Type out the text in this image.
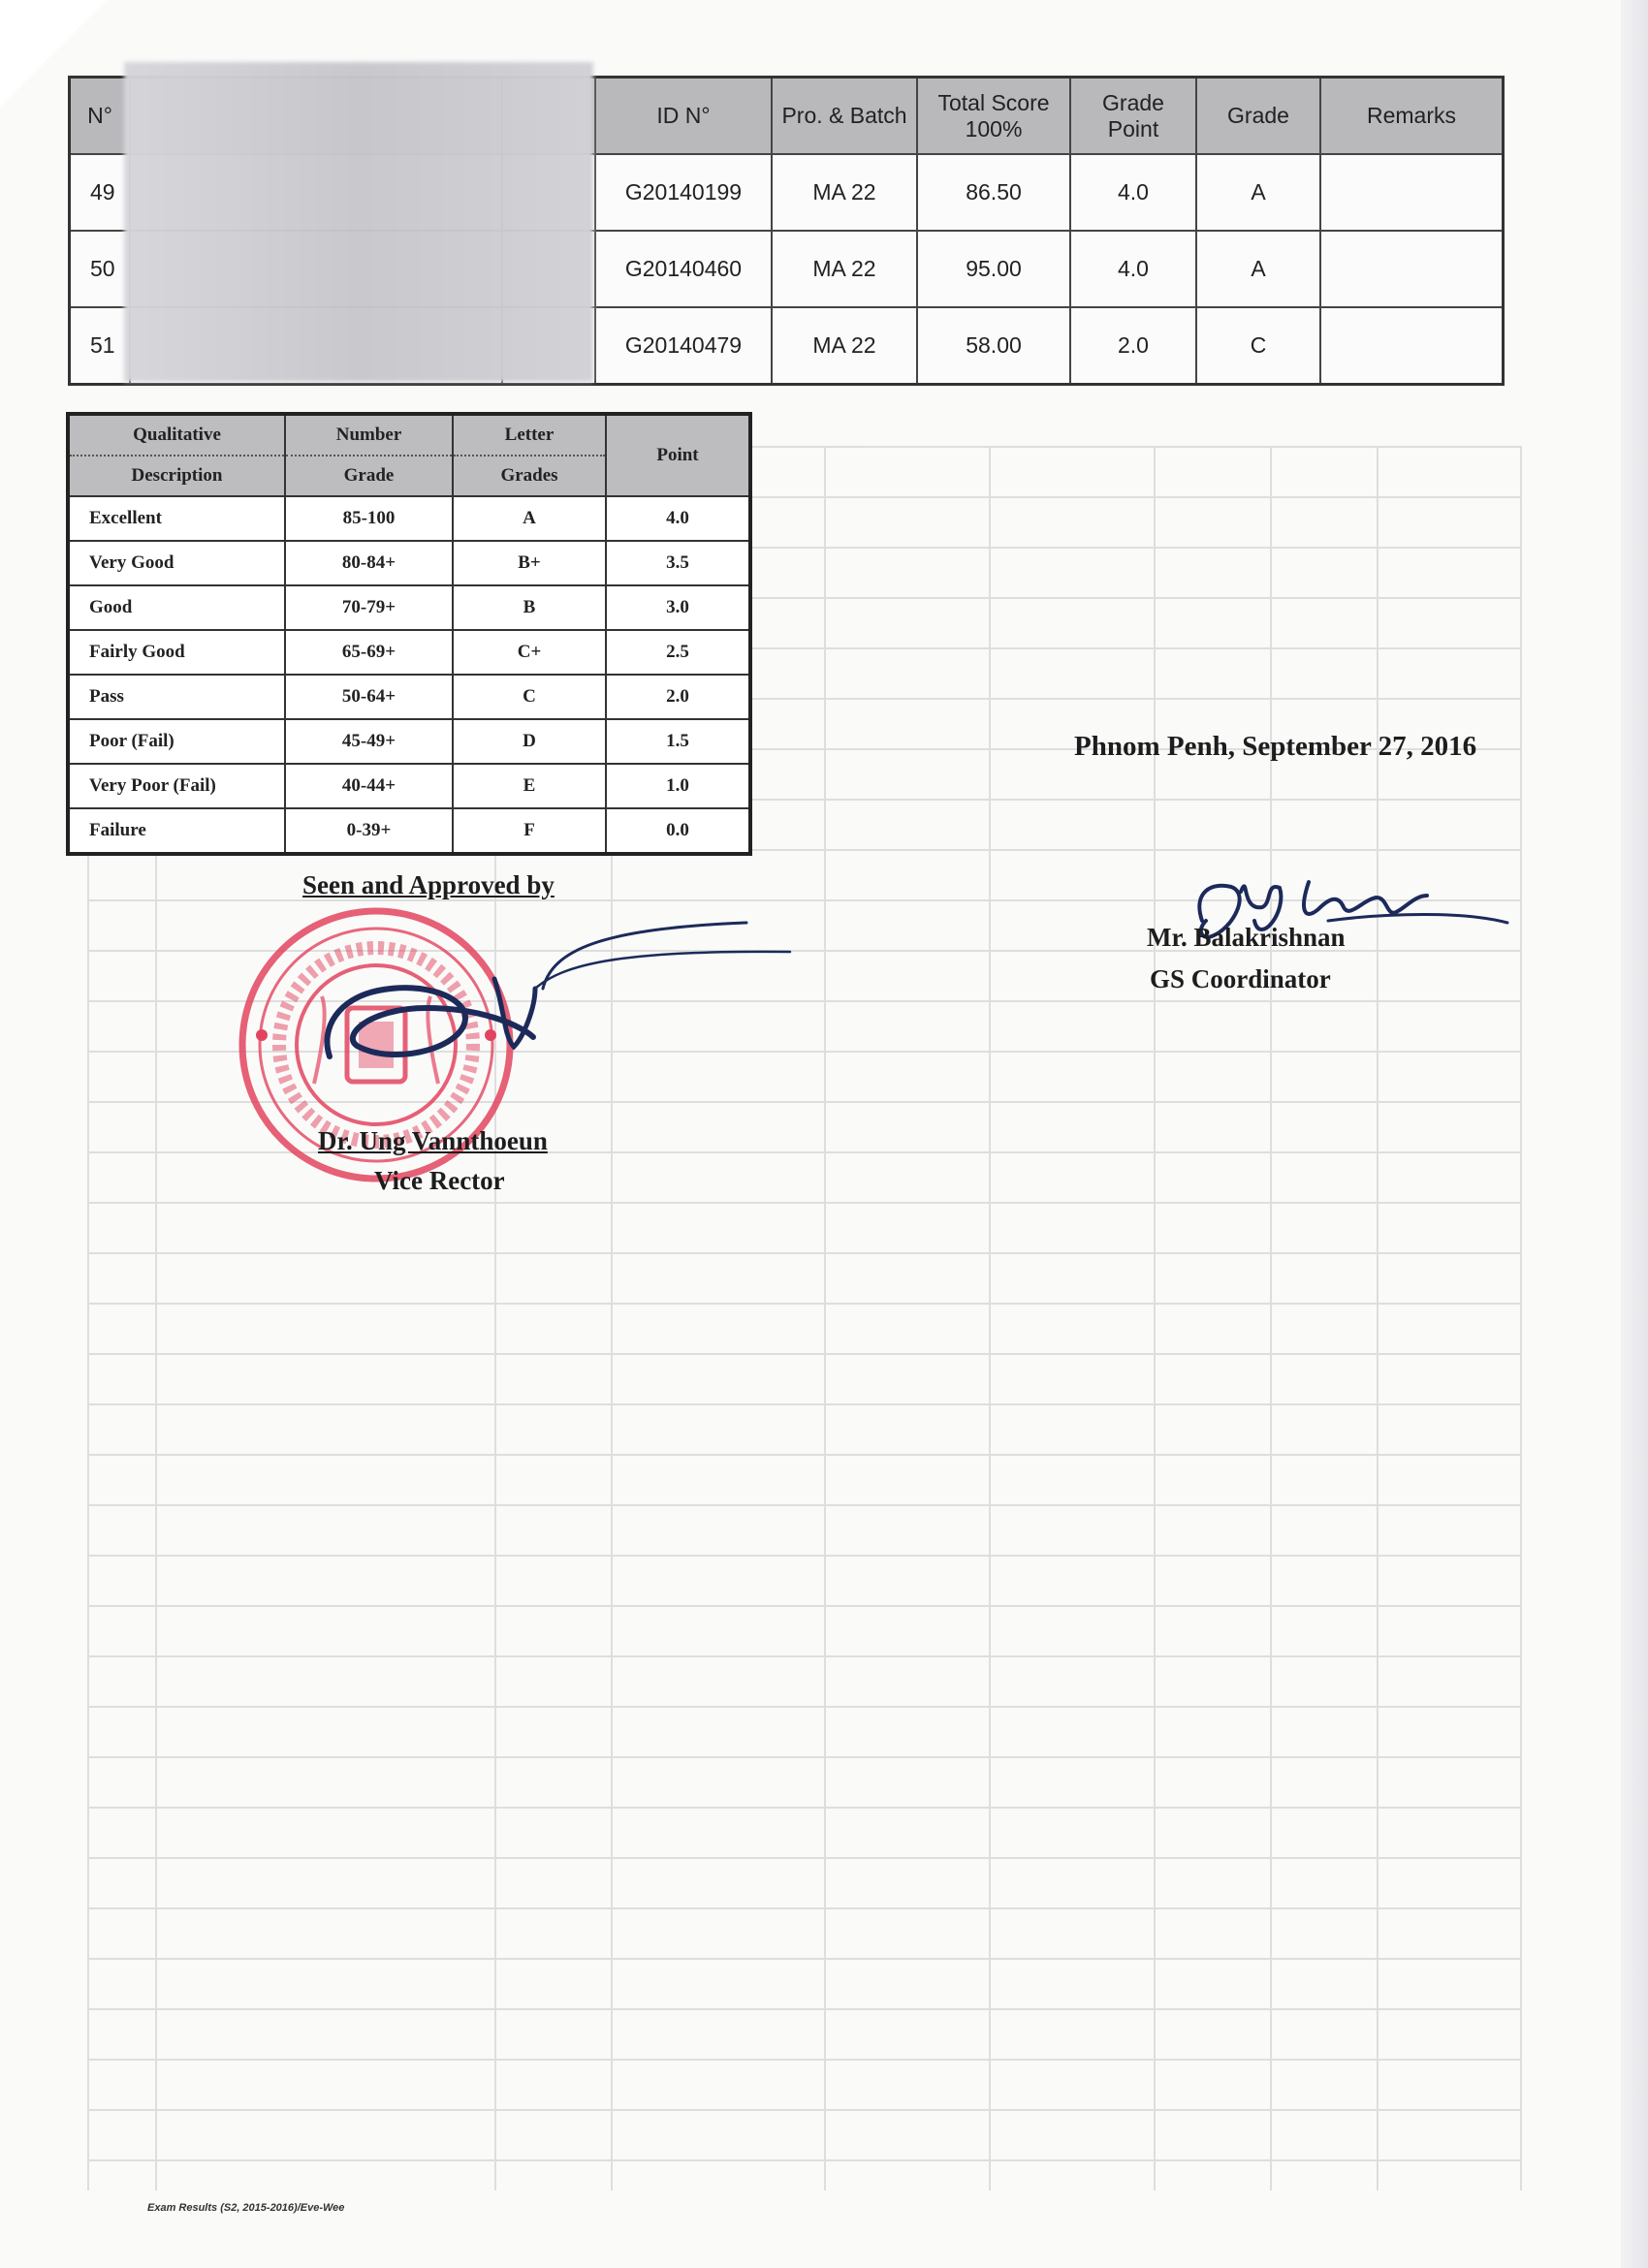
N°			ID N°	Pro. & Batch	Total Score 100%	Grade Point	Grade	Remarks
49			G20140199	MA 22	86.50	4.0	A	
50			G20140460	MA 22	95.00	4.0	A	
51			G20140479	MA 22	58.00	2.0	C	
Qualitative	Number	Letter	Point
Description	Grade	Grades	
Excellent	85-100	A	4.0
Very Good	80-84+	B+	3.5
Good	70-79+	B	3.0
Fairly Good	65-69+	C+	2.5
Pass	50-64+	C	2.0
Poor (Fail)	45-49+	D	1.5
Very Poor (Fail)	40-44+	E	1.0
Failure	0-39+	F	0.0
Phnom Penh, September 27, 2016
Seen and Approved by
Dr. Ung Vannthoeun
Vice Rector
Mr. Balakrishnan
GS Coordinator
Exam Results (S2, 2015-2016)/Eve-Wee
